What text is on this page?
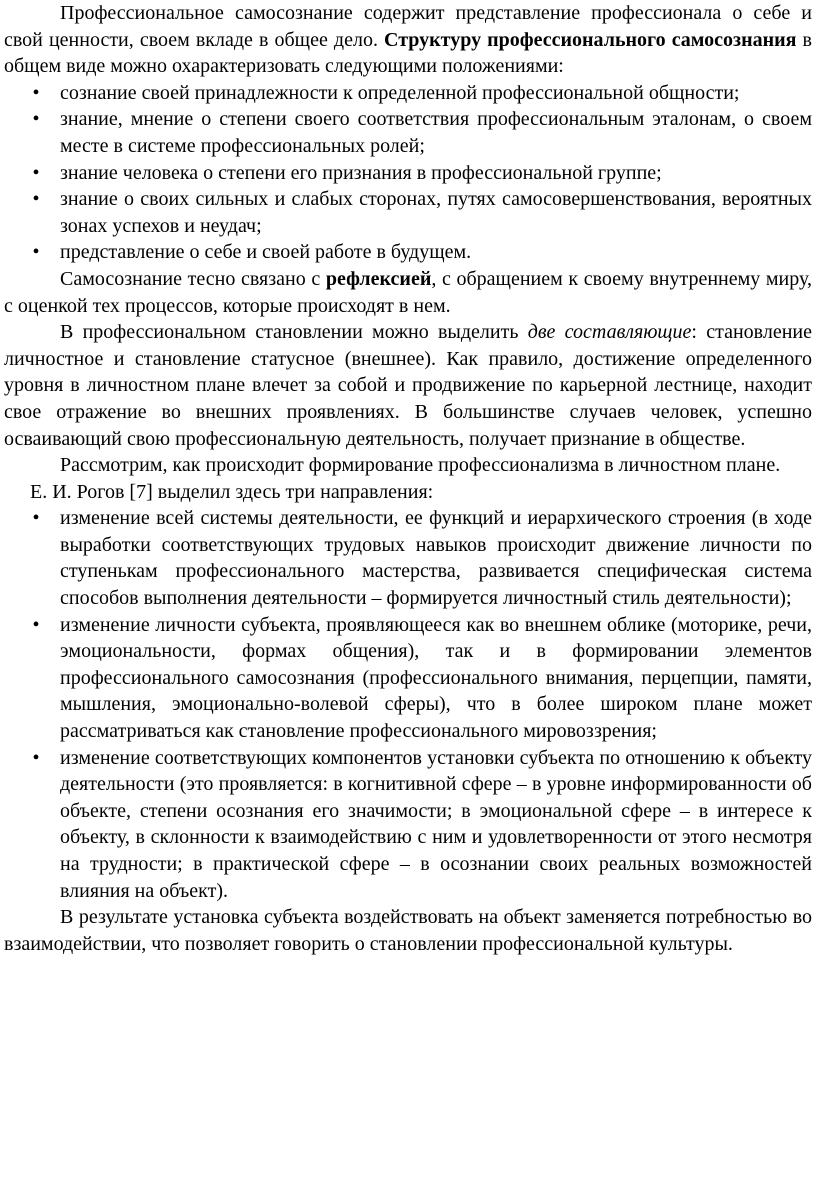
Профессиональное самосознание содержит представление профессионала о себе и свой ценности, своем вкладе в общее дело. Структуру профессионального самосознания в общем виде можно охарактеризовать следующими положениями:

• сознание своей принадлежности к определенной профессиональной общности;
• знание, мнение о степени своего соответствия профессиональным эталонам, о своем месте в системе профессиональных ролей;
• знание человека о степени его признания в профессиональной группе;
• знание о своих сильных и слабых сторонах, путях самосовершенствования, вероятных зонах успехов и неудач;
• представление о себе и своей работе в будущем.

Самосознание тесно связано с рефлексией, с обращением к своему внутреннему миру, с оценкой тех процессов, которые происходят в нем.

В профессиональном становлении можно выделить две составляющие: становление личностное и становление статусное (внешнее). Как правило, достижение определенного уровня в личностном плане влечет за собой и продвижение по карьерной лестнице, находит свое отражение во внешних проявлениях. В большинстве случаев человек, успешно осваивающий свою профессиональную деятельность, получает признание в обществе.

Рассмотрим, как происходит формирование профессионализма в личностном плане.

Е. И. Рогов [7] выделил здесь три направления:

• изменение всей системы деятельности, ее функций и иерархического строения (в ходе выработки соответствующих трудовых навыков происходит движение личности по ступенькам профессионального мастерства, развивается специфическая система способов выполнения деятельности – формируется личностный стиль деятельности);
• изменение личности субъекта, проявляющееся как во внешнем облике (моторике, речи, эмоциональности, формах общения), так и в формировании элементов профессионального самосознания (профессионального внимания, перцепции, памяти, мышления, эмоционально-волевой сферы), что в более широком плане может рассматриваться как становление профессионального мировоззрения;
• изменение соответствующих компонентов установки субъекта по отношению к объекту деятельности (это проявляется: в когнитивной сфере – в уровне информированности об объекте, степени осознания его значимости; в эмоциональной сфере – в интересе к объекту, в склонности к взаимодействию с ним и удовлетворенности от этого несмотря на трудности; в практической сфере – в осознании своих реальных возможностей влияния на объект).

В результате установка субъекта воздействовать на объект заменяется потребностью во взаимодействии, что позволяет говорить о становлении профессиональной культуры.
